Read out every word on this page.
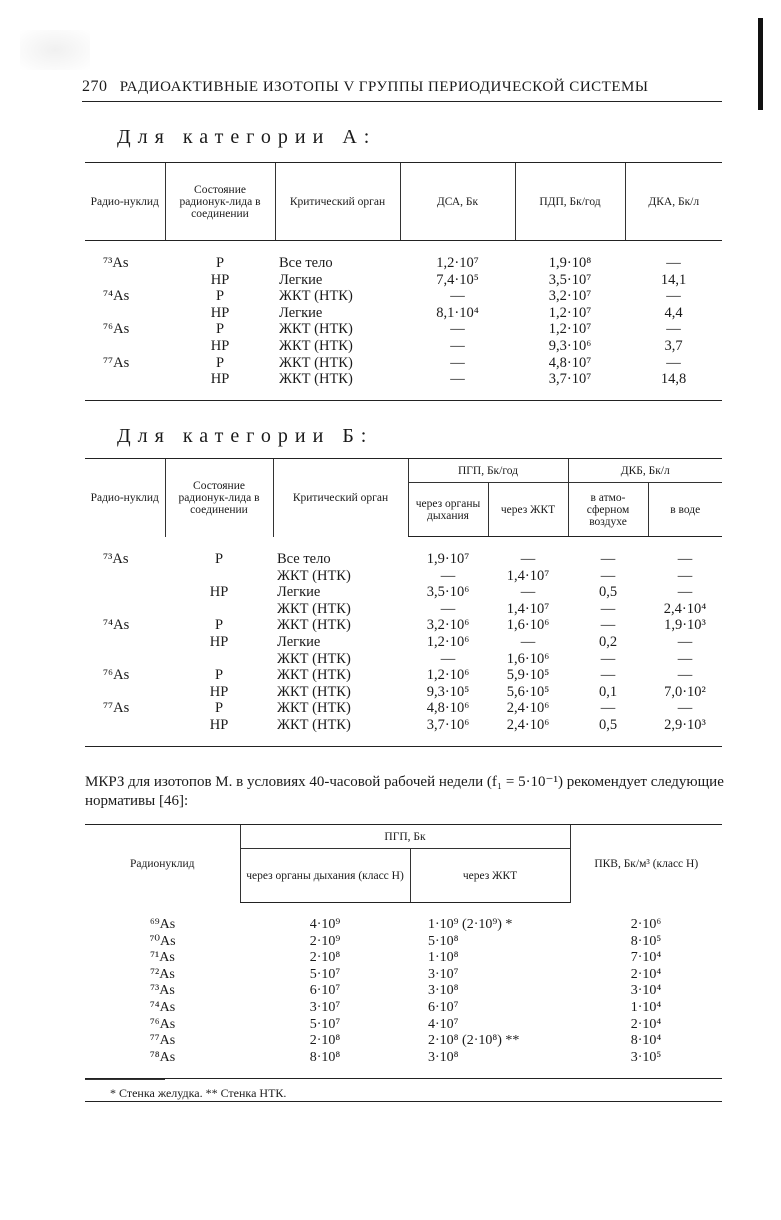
270 РАДИОАКТИВНЫЕ ИЗОТОПЫ V ГРУППЫ ПЕРИОДИЧЕСКОЙ СИСТЕМЫ
Для категории А:
Радио-нуклид	Состояние радионук-лида в соединении	Критический орган	ДСА, Бк	ПДП, Бк/год	ДКА, Бк/л

⁷³As	Р	Все тело	1,2·10⁷	1,9·10⁸	—
	НР	Легкие	7,4·10⁵	3,5·10⁷	14,1
⁷⁴As	Р	ЖКТ (НТК)	—	3,2·10⁷	—
	НР	Легкие	8,1·10⁴	1,2·10⁷	4,4
⁷⁶As	Р	ЖКТ (НТК)	—	1,2·10⁷	—
	НР	ЖКТ (НТК)	—	9,3·10⁶	3,7
⁷⁷As	Р	ЖКТ (НТК)	—	4,8·10⁷	—
	НР	ЖКТ (НТК)	—	3,7·10⁷	14,8

Для категории Б:
Радио-нуклид	Состояние радионук-лида в соединении	Критический орган	ПГП, Бк/год		ДКБ, Бк/л	
			через органы дыхания	через ЖКТ	в атмо-сферном воздухе	в воде

⁷³As	Р	Все тело	1,9·10⁷	—	—	—
		ЖКТ (НТК)	—	1,4·10⁷	—	—
	НР	Легкие	3,5·10⁶	—	0,5	—
		ЖКТ (НТК)	—	1,4·10⁷	—	2,4·10⁴
⁷⁴As	Р	ЖКТ (НТК)	3,2·10⁶	1,6·10⁶	—	1,9·10³
	НР	Легкие	1,2·10⁶	—	0,2	—
		ЖКТ (НТК)	—	1,6·10⁶	—	—
⁷⁶As	Р	ЖКТ (НТК)	1,2·10⁶	5,9·10⁵	—	—
	НР	ЖКТ (НТК)	9,3·10⁵	5,6·10⁵	0,1	7,0·10²
⁷⁷As	Р	ЖКТ (НТК)	4,8·10⁶	2,4·10⁶	—	—
	НР	ЖКТ (НТК)	3,7·10⁶	2,4·10⁶	0,5	2,9·10³

МКРЗ для изотопов М. в условиях 40-часовой рабочей недели (f₁ = 5·10⁻¹) рекомендует следующие нормативы [46]:
Радионуклид	ПГП, Бк		ПКВ, Бк/м³ (класс Н)
	через органы дыхания (класс Н)	через ЖКТ	

⁶⁹As	4·10⁹	1·10⁹ (2·10⁹) *	2·10⁶
⁷⁰As	2·10⁹	5·10⁸	8·10⁵
⁷¹As	2·10⁸	1·10⁸	7·10⁴
⁷²As	5·10⁷	3·10⁷	2·10⁴
⁷³As	6·10⁷	3·10⁸	3·10⁴
⁷⁴As	3·10⁷	6·10⁷	1·10⁴
⁷⁶As	5·10⁷	4·10⁷	2·10⁴
⁷⁷As	2·10⁸	2·10⁸ (2·10⁸) **	8·10⁴
⁷⁸As	8·10⁸	3·10⁸	3·10⁵

* Стенка желудка. ** Стенка НТК.
